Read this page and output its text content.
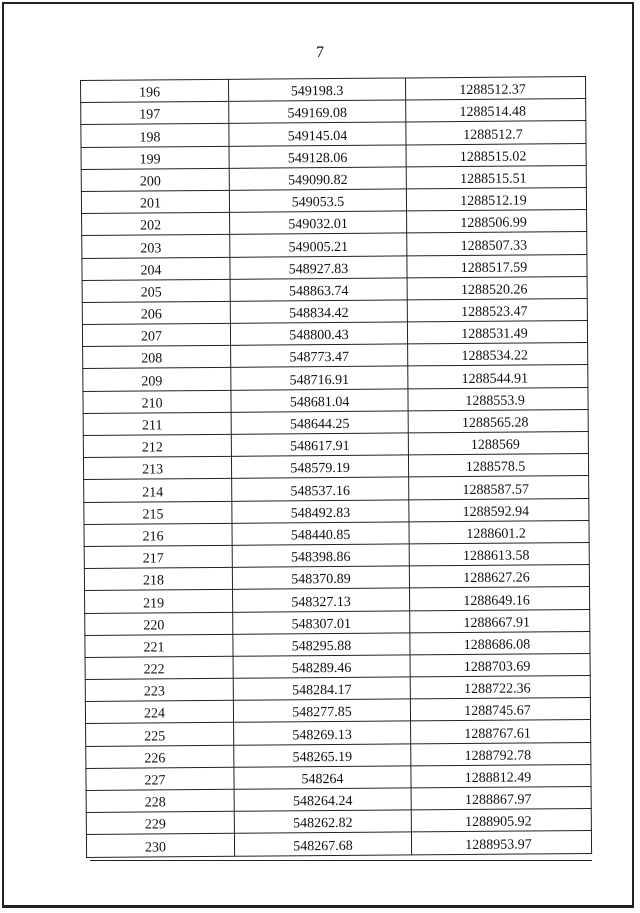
7
196	549198.3	1288512.37
197	549169.08	1288514.48
198	549145.04	1288512.7
199	549128.06	1288515.02
200	549090.82	1288515.51
201	549053.5	1288512.19
202	549032.01	1288506.99
203	549005.21	1288507.33
204	548927.83	1288517.59
205	548863.74	1288520.26
206	548834.42	1288523.47
207	548800.43	1288531.49
208	548773.47	1288534.22
209	548716.91	1288544.91
210	548681.04	1288553.9
211	548644.25	1288565.28
212	548617.91	1288569
213	548579.19	1288578.5
214	548537.16	1288587.57
215	548492.83	1288592.94
216	548440.85	1288601.2
217	548398.86	1288613.58
218	548370.89	1288627.26
219	548327.13	1288649.16
220	548307.01	1288667.91
221	548295.88	1288686.08
222	548289.46	1288703.69
223	548284.17	1288722.36
224	548277.85	1288745.67
225	548269.13	1288767.61
226	548265.19	1288792.78
227	548264	1288812.49
228	548264.24	1288867.97
229	548262.82	1288905.92
230	548267.68	1288953.97
